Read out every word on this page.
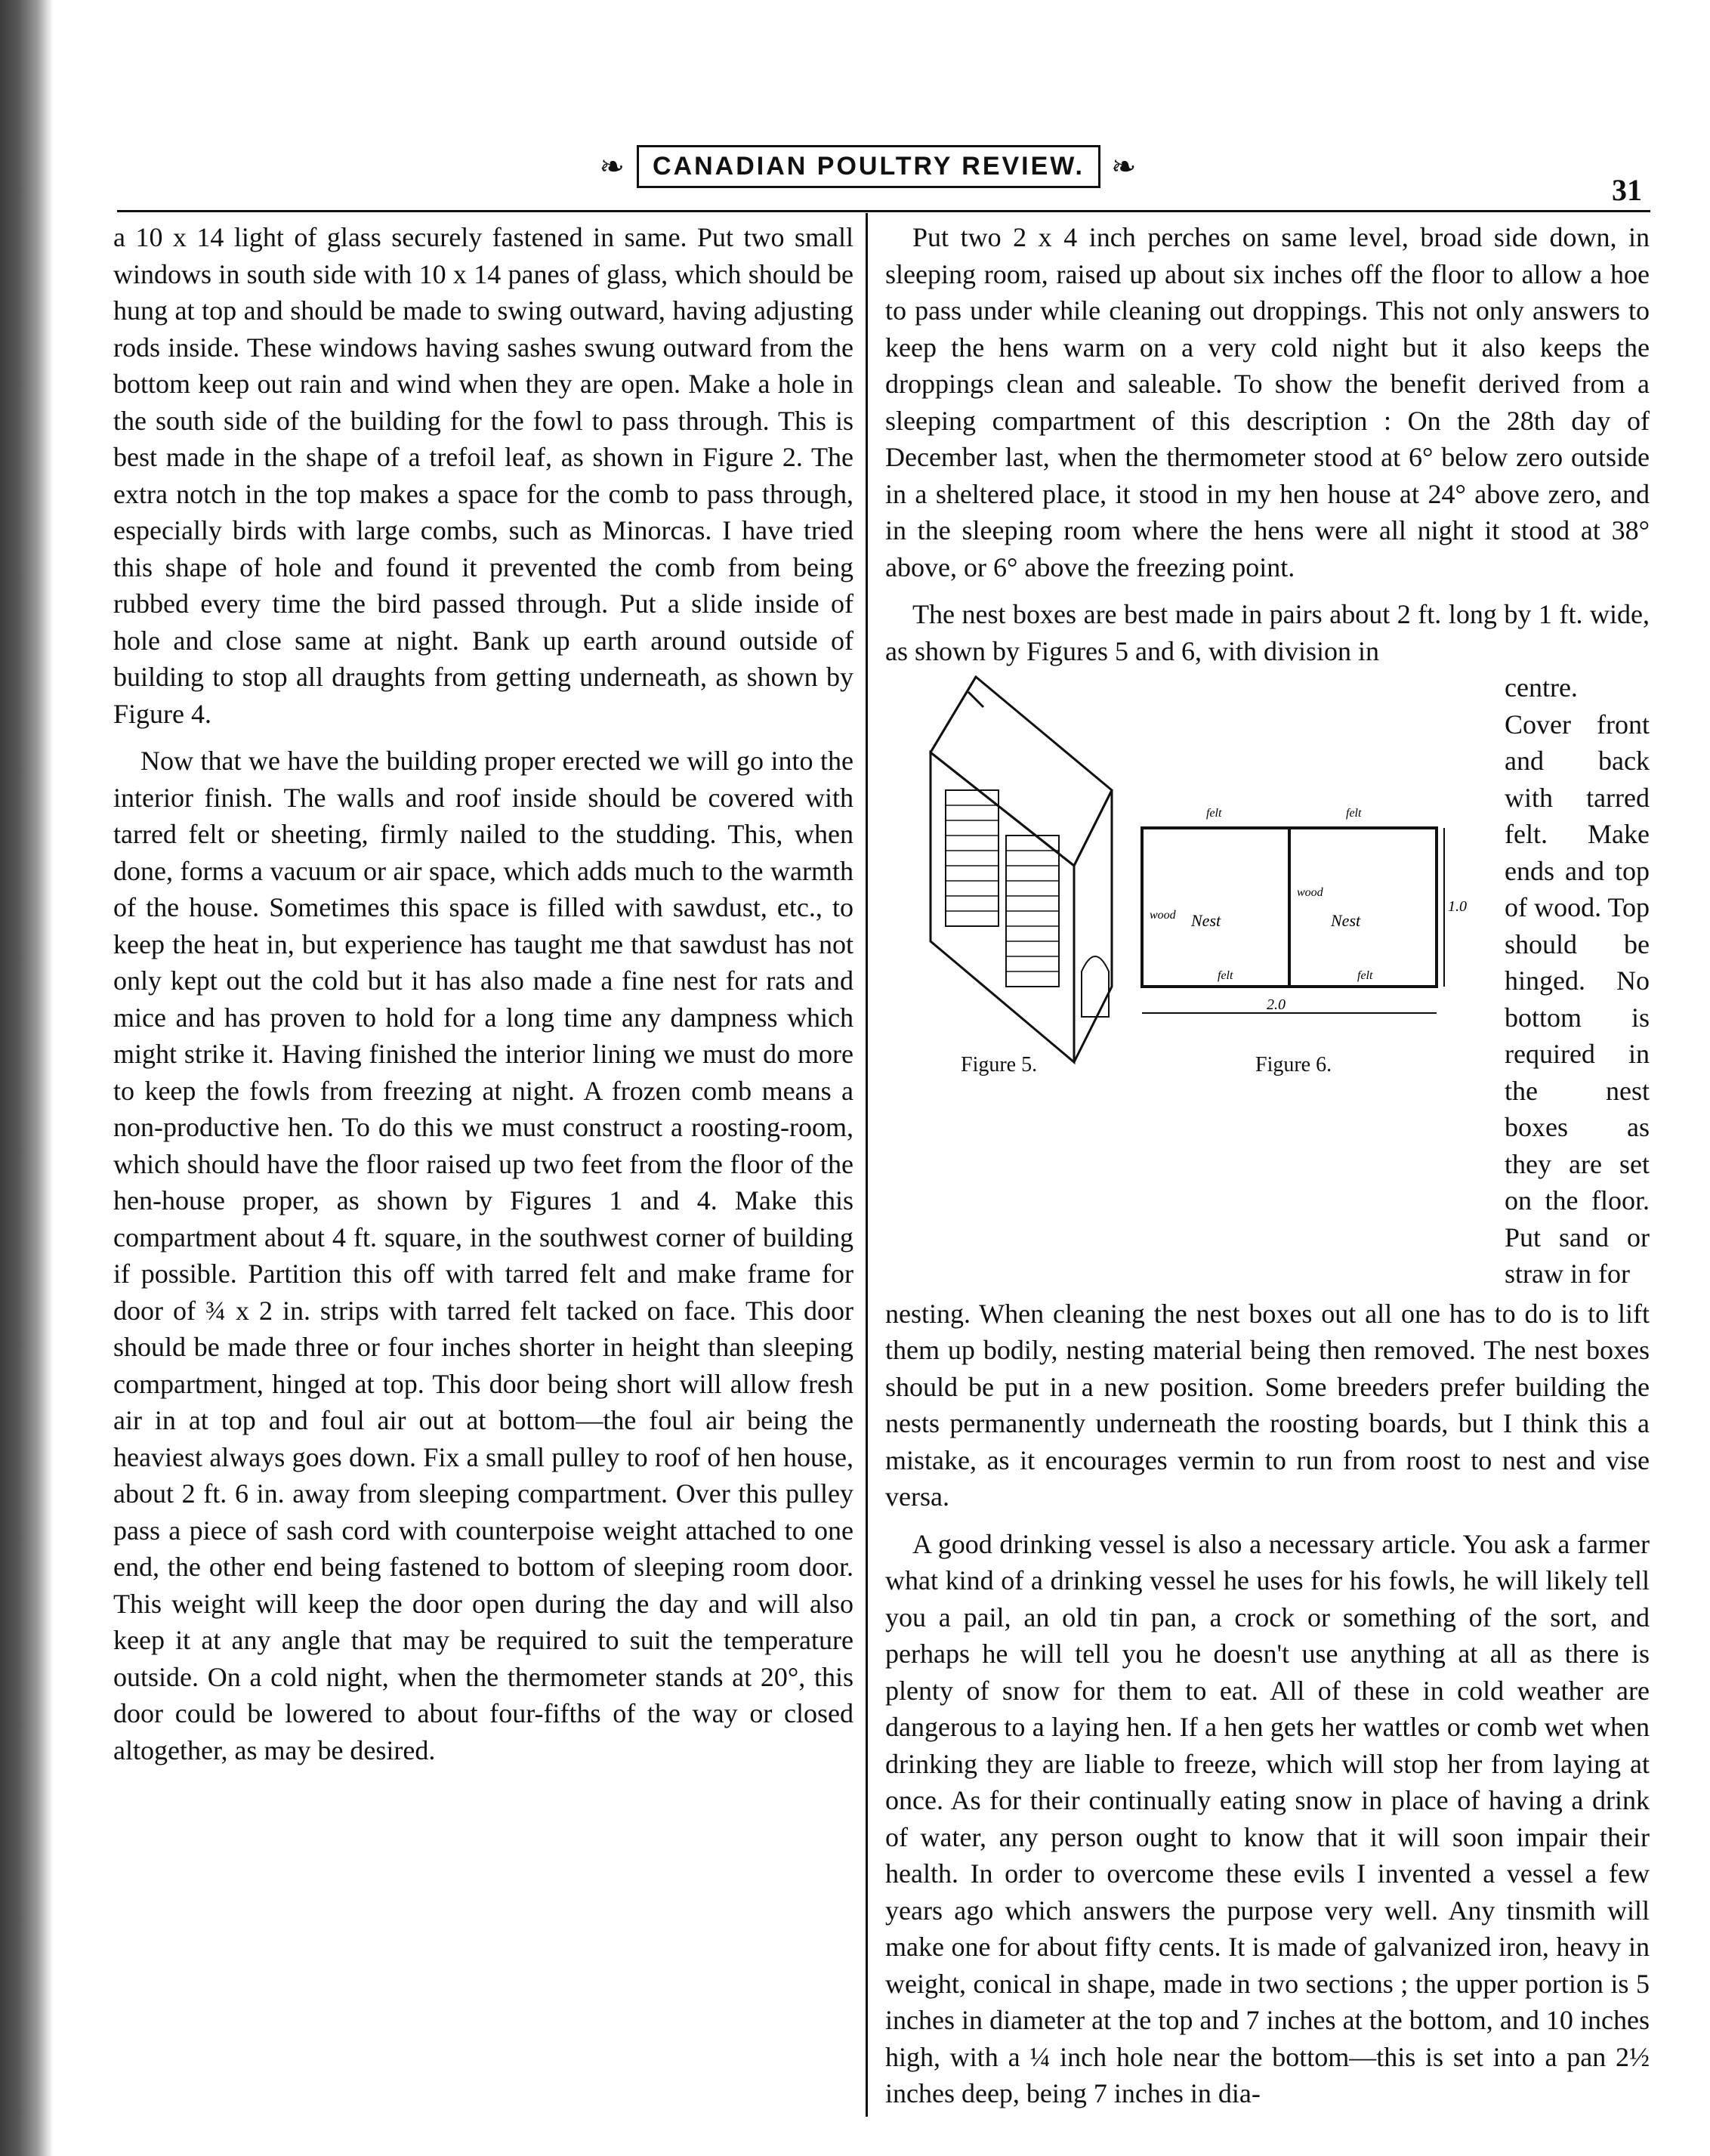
❧	CANADIAN POULTRY REVIEW. ❧
31

a 10 x 14 light of glass securely fastened in same. Put two small windows in south side with 10 x 14 panes of glass, which should be hung at top and should be made to swing outward, having adjusting rods inside. These windows having sashes swung outward from the bottom keep out rain and wind when they are open. Make a hole in the south side of the building for the fowl to pass through. This is best made in the shape of a trefoil leaf, as shown in Figure 2. The extra notch in the top makes a space for the comb to pass through, especially birds with large combs, such as Minorcas. I have tried this shape of hole and found it prevented the comb from being rubbed every time the bird passed through. Put a slide inside of hole and close same at night. Bank up earth around outside of building to stop all draughts from getting underneath, as shown by Figure 4.

Now that we have the building proper erected we will go into the interior finish. The walls and roof inside should be covered with tarred felt or sheeting, firmly nailed to the studding. This, when done, forms a vacuum or air space, which adds much to the warmth of the house. Sometimes this space is filled with sawdust, etc., to keep the heat in, but experience has taught me that sawdust has not only kept out the cold but it has also made a fine nest for rats and mice and has proven to hold for a long time any dampness which might strike it. Having finished the interior lining we must do more to keep the fowls from freezing at night. A frozen comb means a non-productive hen. To do this we must construct a roosting-room, which should have the floor raised up two feet from the floor of the hen-house proper, as shown by Figures 1 and 4. Make this compartment about 4 ft. square, in the southwest corner of building if possible. Partition this off with tarred felt and make frame for door of ¾ x 2 in. strips with tarred felt tacked on face. This door should be made three or four inches shorter in height than sleeping compartment, hinged at top. This door being short will allow fresh air in at top and foul air out at bottom—the foul air being the heaviest always goes down. Fix a small pulley to roof of hen house, about 2 ft. 6 in. away from sleeping compartment. Over this pulley pass a piece of sash cord with counterpoise weight attached to one end, the other end being fastened to bottom of sleeping room door. This weight will keep the door open during the day and will also keep it at any angle that may be required to suit the temperature outside. On a cold night, when the thermometer stands at 20°, this door could be lowered to about four-fifths of the way or closed altogether, as may be desired.

Put two 2 x 4 inch perches on same level, broad side down, in sleeping room, raised up about six inches off the floor to allow a hoe to pass under while cleaning out droppings. This not only answers to keep the hens warm on a very cold night but it also keeps the droppings clean and saleable. To show the benefit derived from a sleeping compartment of this description : On the 28th day of December last, when the thermometer stood at 6° below zero outside in a sheltered place, it stood in my hen house at 24° above zero, and in the sleeping room where the hens were all night it stood at 38° above, or 6° above the freezing point.

The nest boxes are best made in pairs about 2 ft. long by 1 ft. wide, as shown by Figures 5 and 6, with division in

Nest	Nest
2.0
1.0
felt	felt
felt	felt
wood
wood
Figure 5.	Figure 6.
centre. Cover front and back with tarred felt. Make ends and top of wood. Top should be hinged. No bottom is required in the nest boxes as they are set on the floor. Put sand or straw in for

nesting. When cleaning the nest boxes out all one has to do is to lift them up bodily, nesting material being then removed. The nest boxes should be put in a new position. Some breeders prefer building the nests permanently underneath the roosting boards, but I think this a mistake, as it encourages vermin to run from roost to nest and vise versa.

A good drinking vessel is also a necessary article. You ask a farmer what kind of a drinking vessel he uses for his fowls, he will likely tell you a pail, an old tin pan, a crock or something of the sort, and perhaps he will tell you he doesn't use anything at all as there is plenty of snow for them to eat. All of these in cold weather are dangerous to a laying hen. If a hen gets her wattles or comb wet when drinking they are liable to freeze, which will stop her from laying at once. As for their continually eating snow in place of having a drink of water, any person ought to know that it will soon impair their health. In order to overcome these evils I invented a vessel a few years ago which answers the purpose very well. Any tinsmith will make one for about fifty cents. It is made of galvanized iron, heavy in weight, conical in shape, made in two sections ; the upper portion is 5 inches in diameter at the top and 7 inches at the bottom, and 10 inches high, with a ¼ inch hole near the bottom—this is set into a pan 2½ inches deep, being 7 inches in dia-
